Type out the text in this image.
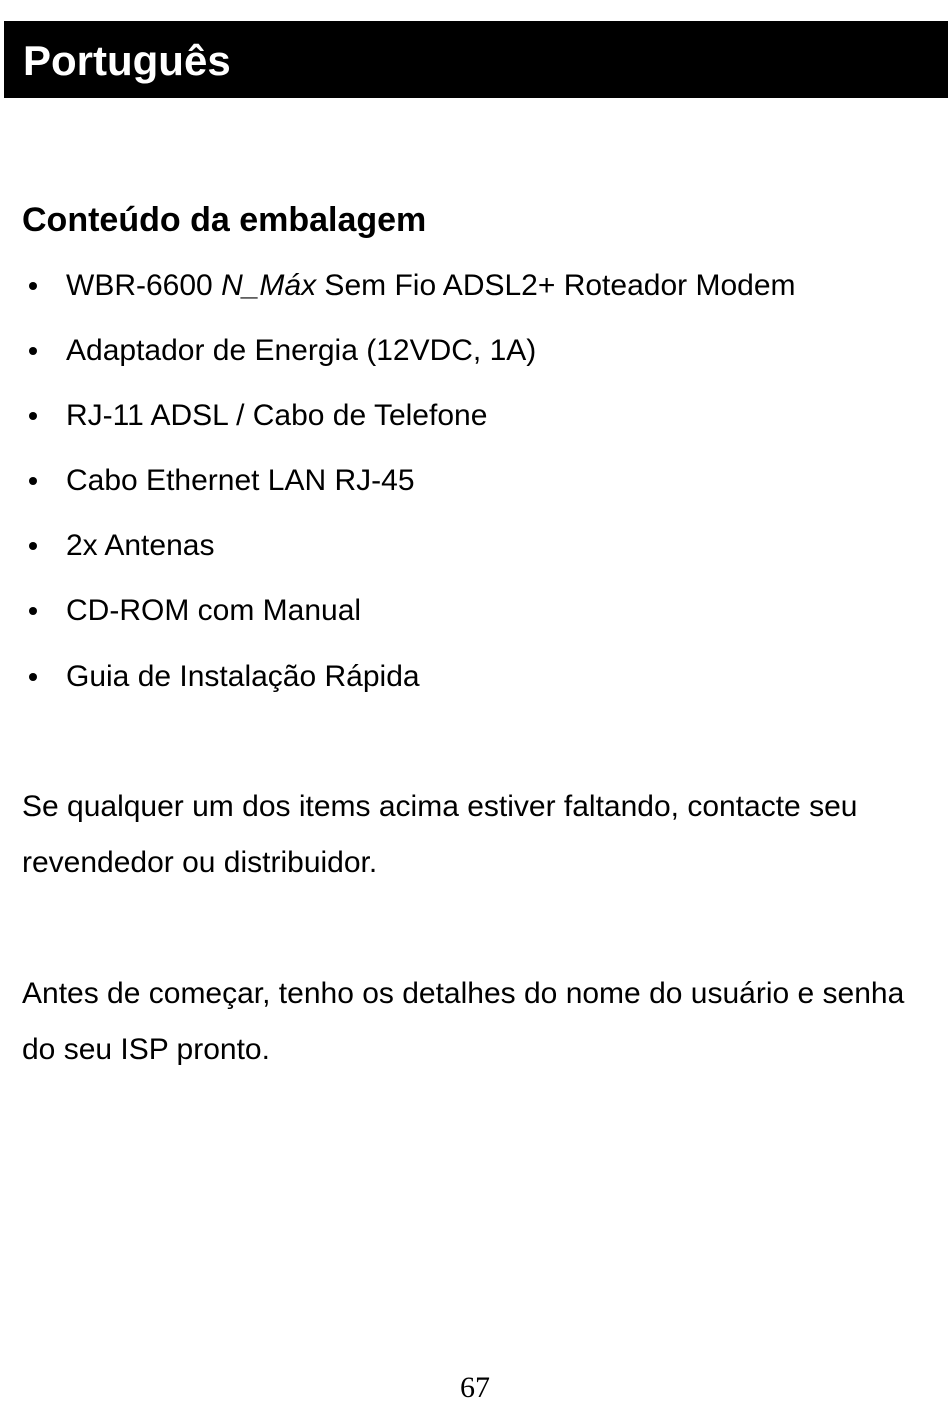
Português
Conteúdo da embalagem
WBR-6600 N_Máx Sem Fio ADSL2+ Roteador Modem
Adaptador de Energia (12VDC, 1A)
RJ-11 ADSL / Cabo de Telefone
Cabo Ethernet LAN RJ-45
2x Antenas
CD-ROM com Manual
Guia de Instalação Rápida

Se qualquer um dos items acima estiver faltando, contacte seu revendedor ou distribuidor.

Antes de começar, tenho os detalhes do nome do usuário e senha do seu ISP pronto.

67
